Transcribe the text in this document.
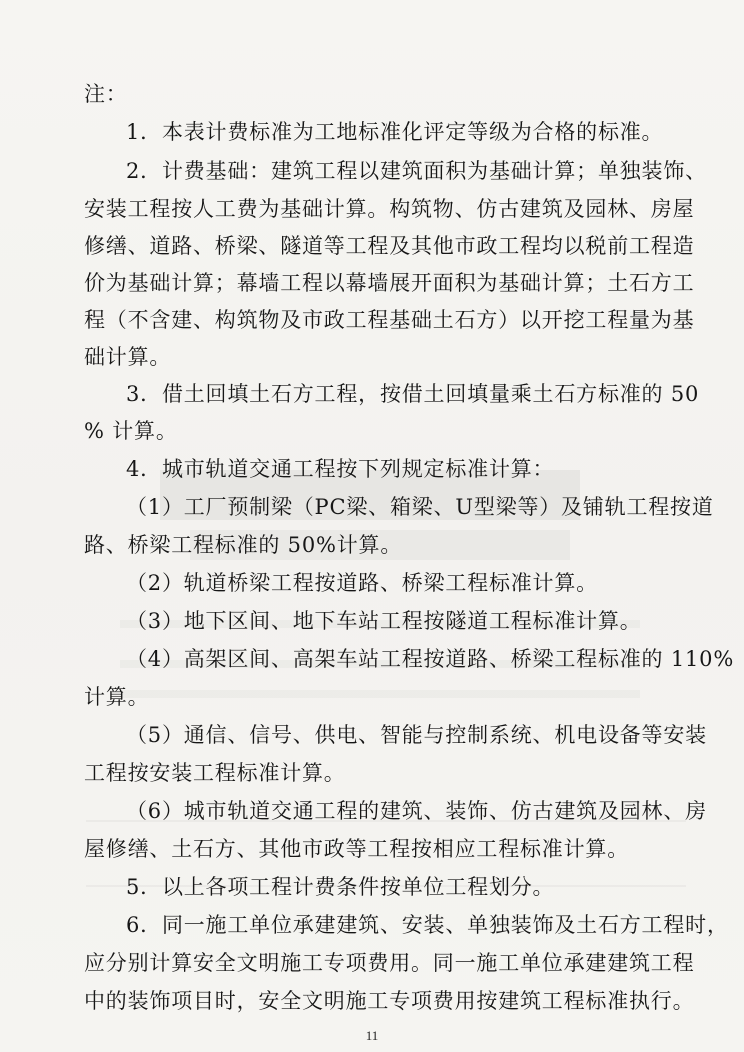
注：
1．本表计费标准为工地标准化评定等级为合格的标准。
2．计费基础：建筑工程以建筑面积为基础计算；单独装饰、
安装工程按人工费为基础计算。构筑物、仿古建筑及园林、房屋
修缮、道路、桥梁、隧道等工程及其他市政工程均以税前工程造
价为基础计算；幕墙工程以幕墙展开面积为基础计算；土石方工
程（不含建、构筑物及市政工程基础土石方）以开挖工程量为基
础计算。
3．借土回填土石方工程，按借土回填量乘土石方标准的 50
% 计算。
4．城市轨道交通工程按下列规定标准计算：
（1）工厂预制梁（PC梁、箱梁、U型梁等）及铺轨工程按道
路、桥梁工程标准的 50%计算。
（2）轨道桥梁工程按道路、桥梁工程标准计算。
（3）地下区间、地下车站工程按隧道工程标准计算。
（4）高架区间、高架车站工程按道路、桥梁工程标准的 110%
计算。
（5）通信、信号、供电、智能与控制系统、机电设备等安装
工程按安装工程标准计算。
（6）城市轨道交通工程的建筑、装饰、仿古建筑及园林、房
屋修缮、土石方、其他市政等工程按相应工程标准计算。
5．以上各项工程计费条件按单位工程划分。
6．同一施工单位承建建筑、安装、单独装饰及土石方工程时，
应分别计算安全文明施工专项费用。同一施工单位承建建筑工程
中的装饰项目时，安全文明施工专项费用按建筑工程标准执行。
11
